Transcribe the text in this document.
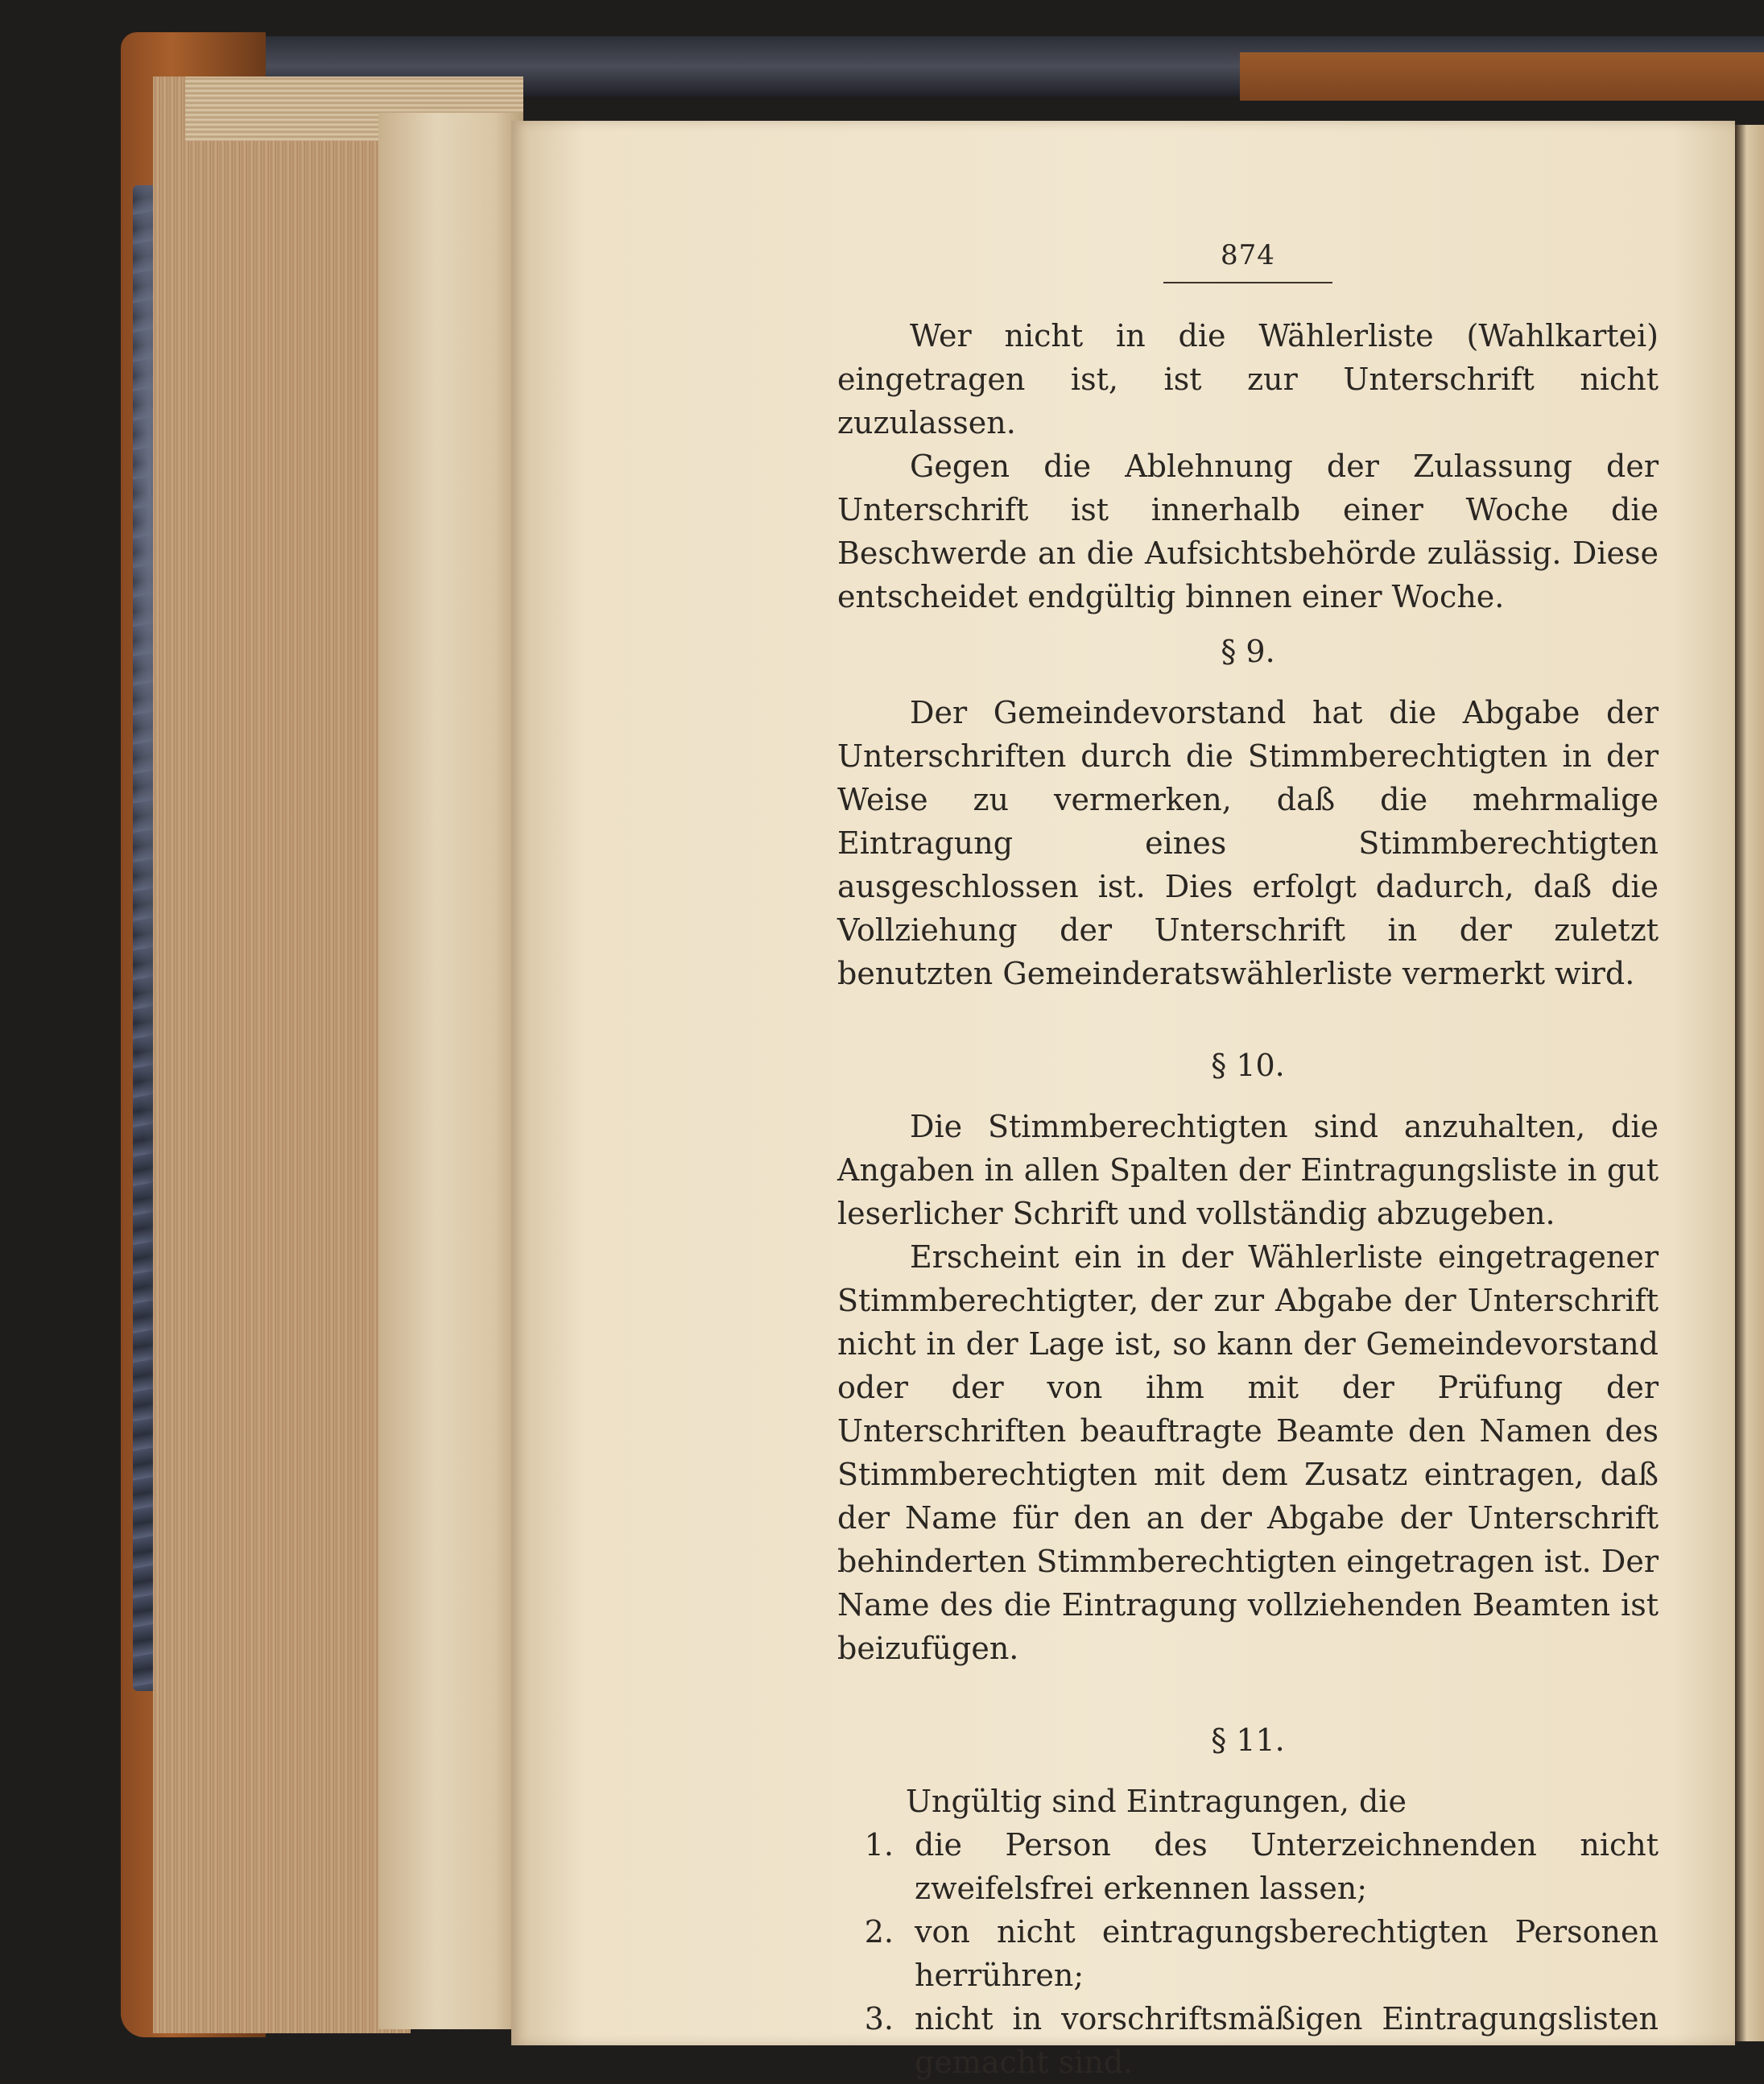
874

Wer nicht in die Wählerliste (Wahlkartei) eingetragen ist, ist zur Unterschrift nicht zuzulassen.

Gegen die Ablehnung der Zulassung der Unterschrift ist innerhalb einer Woche die Beschwerde an die Aufsichtsbehörde zulässig. Diese entscheidet endgültig binnen einer Woche.

§ 9.

Der Gemeindevorstand hat die Abgabe der Unterschriften durch die Stimmberechtigten in der Weise zu vermerken, daß die mehrmalige Eintragung eines Stimmberechtigten ausgeschlossen ist. Dies erfolgt dadurch, daß die Vollziehung der Unterschrift in der zuletzt benutzten Gemeinderatswählerliste vermerkt wird.

§ 10.

Die Stimmberechtigten sind anzuhalten, die Angaben in allen Spalten der Eintragungsliste in gut leserlicher Schrift und vollständig abzugeben.

Erscheint ein in der Wählerliste eingetragener Stimmberechtigter, der zur Abgabe der Unterschrift nicht in der Lage ist, so kann der Gemeindevorstand oder der von ihm mit der Prüfung der Unterschriften beauftragte Beamte den Namen des Stimmberechtigten mit dem Zusatz eintragen, daß der Name für den an der Abgabe der Unterschrift behinderten Stimmberechtigten eingetragen ist. Der Name des die Eintragung vollziehenden Beamten ist beizufügen.

§ 11.

Ungültig sind Eintragungen, die

1. die Person des Unterzeichnenden nicht zweifelsfrei erkennen lassen;
2. von nicht eintragungsberechtigten Personen herrühren;
3. nicht in vorschriftsmäßigen Eintragungslisten gemacht sind.
